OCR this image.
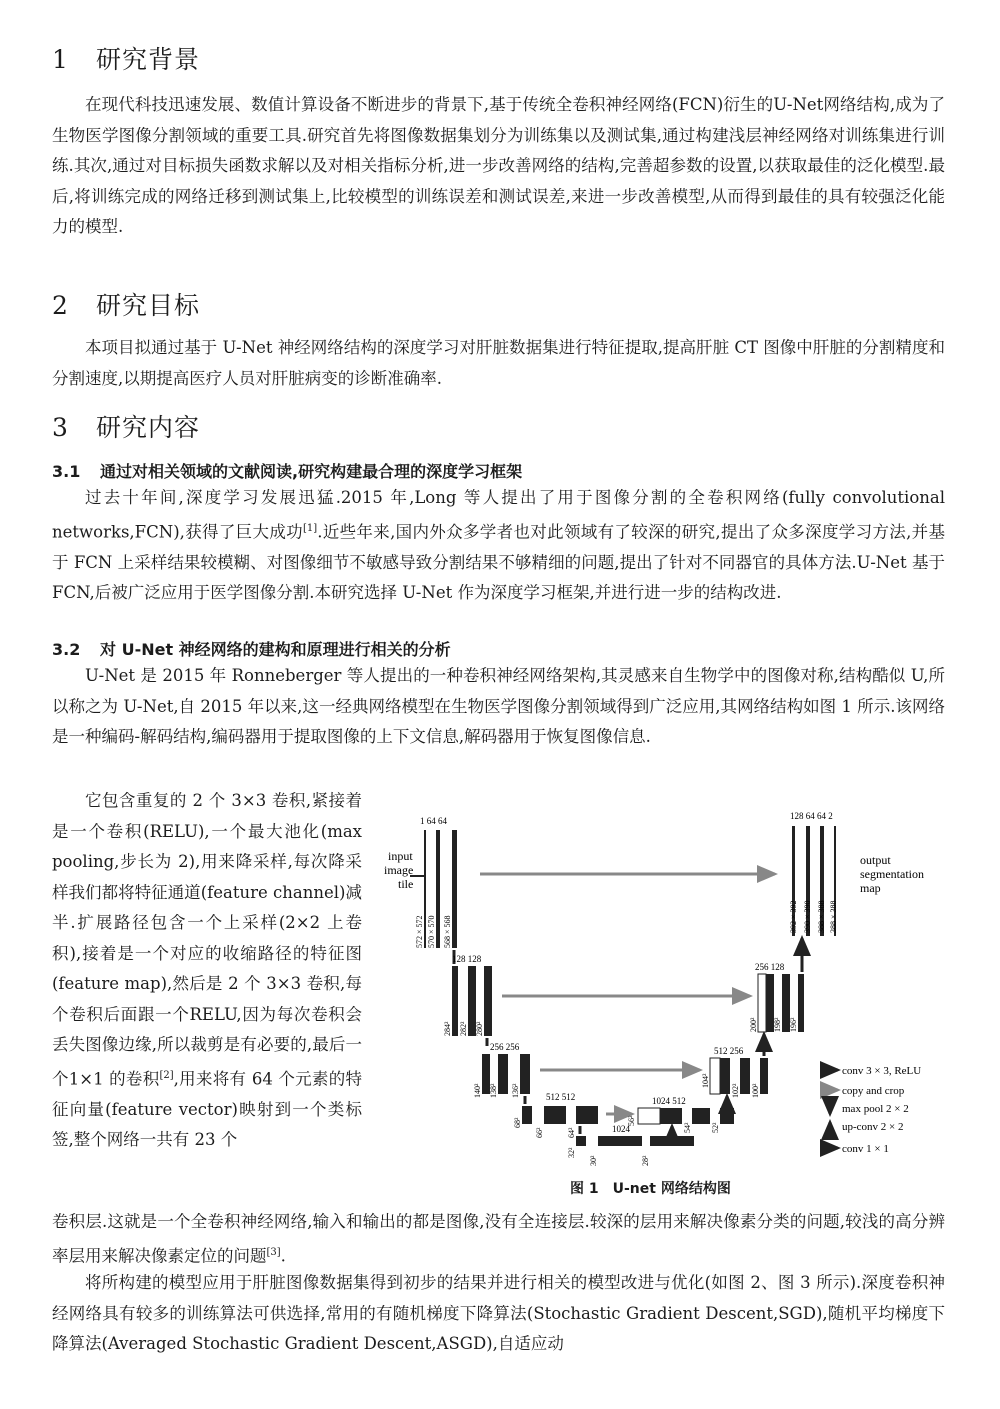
1 研究背景

在现代科技迅速发展、数值计算设备不断进步的背景下,基于传统全卷积神经网络(FCN)衍生的U-Net网络结构,成为了生物医学图像分割领域的重要工具.研究首先将图像数据集划分为训练集以及测试集,通过构建浅层神经网络对训练集进行训练.其次,通过对目标损失函数求解以及对相关指标分析,进一步改善网络的结构,完善超参数的设置,以获取最佳的泛化模型.最后,将训练完成的网络迁移到测试集上,比较模型的训练误差和测试误差,来进一步改善模型,从而得到最佳的具有较强泛化能力的模型.

2 研究目标

本项目拟通过基于 U-Net 神经网络结构的深度学习对肝脏数据集进行特征提取,提高肝脏 CT 图像中肝脏的分割精度和分割速度,以期提高医疗人员对肝脏病变的诊断准确率.

3 研究内容
3.1 通过对相关领域的文献阅读,研究构建最合理的深度学习框架

过去十年间,深度学习发展迅猛.2015 年,Long 等人提出了用于图像分割的全卷积网络(fully convolutional networks,FCN),获得了巨大成功[1].近些年来,国内外众多学者也对此领域有了较深的研究,提出了众多深度学习方法,并基于 FCN 上采样结果较模糊、对图像细节不敏感导致分割结果不够精细的问题,提出了针对不同器官的具体方法.U-Net 基于 FCN,后被广泛应用于医学图像分割.本研究选择 U-Net 作为深度学习框架,并进行进一步的结构改进.

3.2 对 U-Net 神经网络的建构和原理进行相关的分析

U-Net 是 2015 年 Ronneberger 等人提出的一种卷积神经网络架构,其灵感来自生物学中的图像对称,结构酷似 U,所以称之为 U-Net,自 2015 年以来,这一经典网络模型在生物医学图像分割领域得到广泛应用,其网络结构如图 1 所示.该网络是一种编码-解码结构,编码器用于提取图像的上下文信息,解码器用于恢复图像信息.

它包含重复的 2 个 3×3 卷积,紧接着是一个卷积(RELU),一个最大池化(max pooling,步长为 2),用来降采样,每次降采样我们都将特征通道(feature channel)减半.扩展路径包含一个上采样(2×2 上卷积),接着是一个对应的收缩路径的特征图(feature map),然后是 2 个 3×3 卷积,每个卷积后面跟一个RELU,因为每次卷积会丢失图像边缘,所以裁剪是有必要的,最后一个1×1 的卷积[2],用来将有 64 个元素的特征向量(feature vector)映射到一个类标签,整个网络一共有 23 个

卷积层.这就是一个全卷积神经网络,输入和输出的都是图像,没有全连接层.较深的层用来解决像素分类的问题,较浅的高分辨率层用来解决像素定位的问题[3].

将所构建的模型应用于肝脏图像数据集得到初步的结果并进行相关的模型改进与优化(如图 2、图 3 所示).深度卷积神经网络具有较多的训练算法可供选择,常用的有随机梯度下降算法(Stochastic Gradient Descent,SGD),随机平均梯度下降算法(Averaged Stochastic Gradient Descent,ASGD),自适应动

1 64 64
input
image
tile
572 × 572 570 × 570 568 × 568
128 64 64 2
output
segmentation
map
392 × 392 390 × 390 388 × 388 388 × 388
128 128
284² 282² 280²
256 128
200² 198² 196²
256 256
140² 138² 136²
512 256
104²
102² 100²
512 512
68²
66²	64²
56²
1024 512
54² 52²
1024
32²
30²	28²
conv 3 × 3, ReLU
copy and crop
max pool 2 × 2
up-conv 2 × 2
conv 1 × 1
图 1　U-net 网络结构图
